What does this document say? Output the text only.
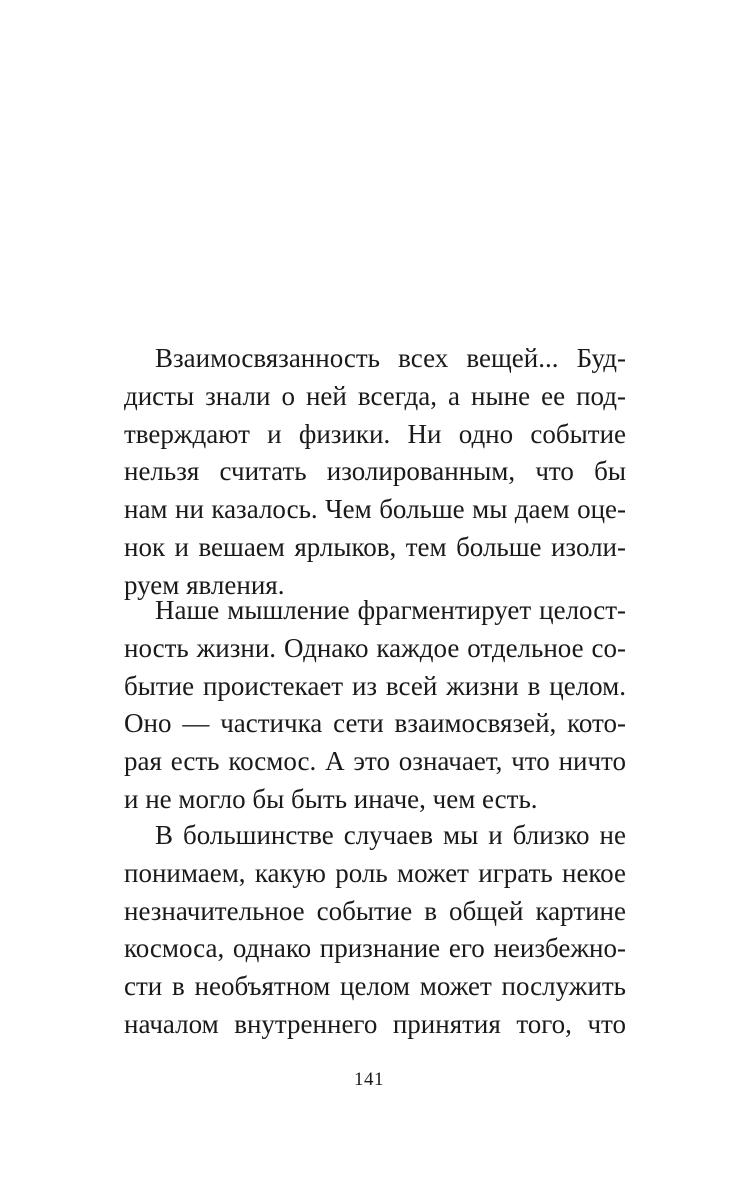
Взаимосвязанность всех вещей... Буд-
дисты знали о ней всегда, а ныне ее под-
тверждают и физики. Ни одно событие
нельзя считать изолированным, что бы
нам ни казалось. Чем больше мы даем оце-
нок и вешаем ярлыков, тем больше изоли-
руем явления.
Наше мышление фрагментирует целост-
ность жизни. Однако каждое отдельное со-
бытие проистекает из всей жизни в целом.
Оно — частичка сети взаимосвязей, кото-
рая есть космос. А это означает, что ничто
и не могло бы быть иначе, чем есть.
В большинстве случаев мы и близко не
понимаем, какую роль может играть некое
незначительное событие в общей картине
космоса, однако признание его неизбежно-
сти в необъятном целом может послужить
началом внутреннего принятия того, что
141
